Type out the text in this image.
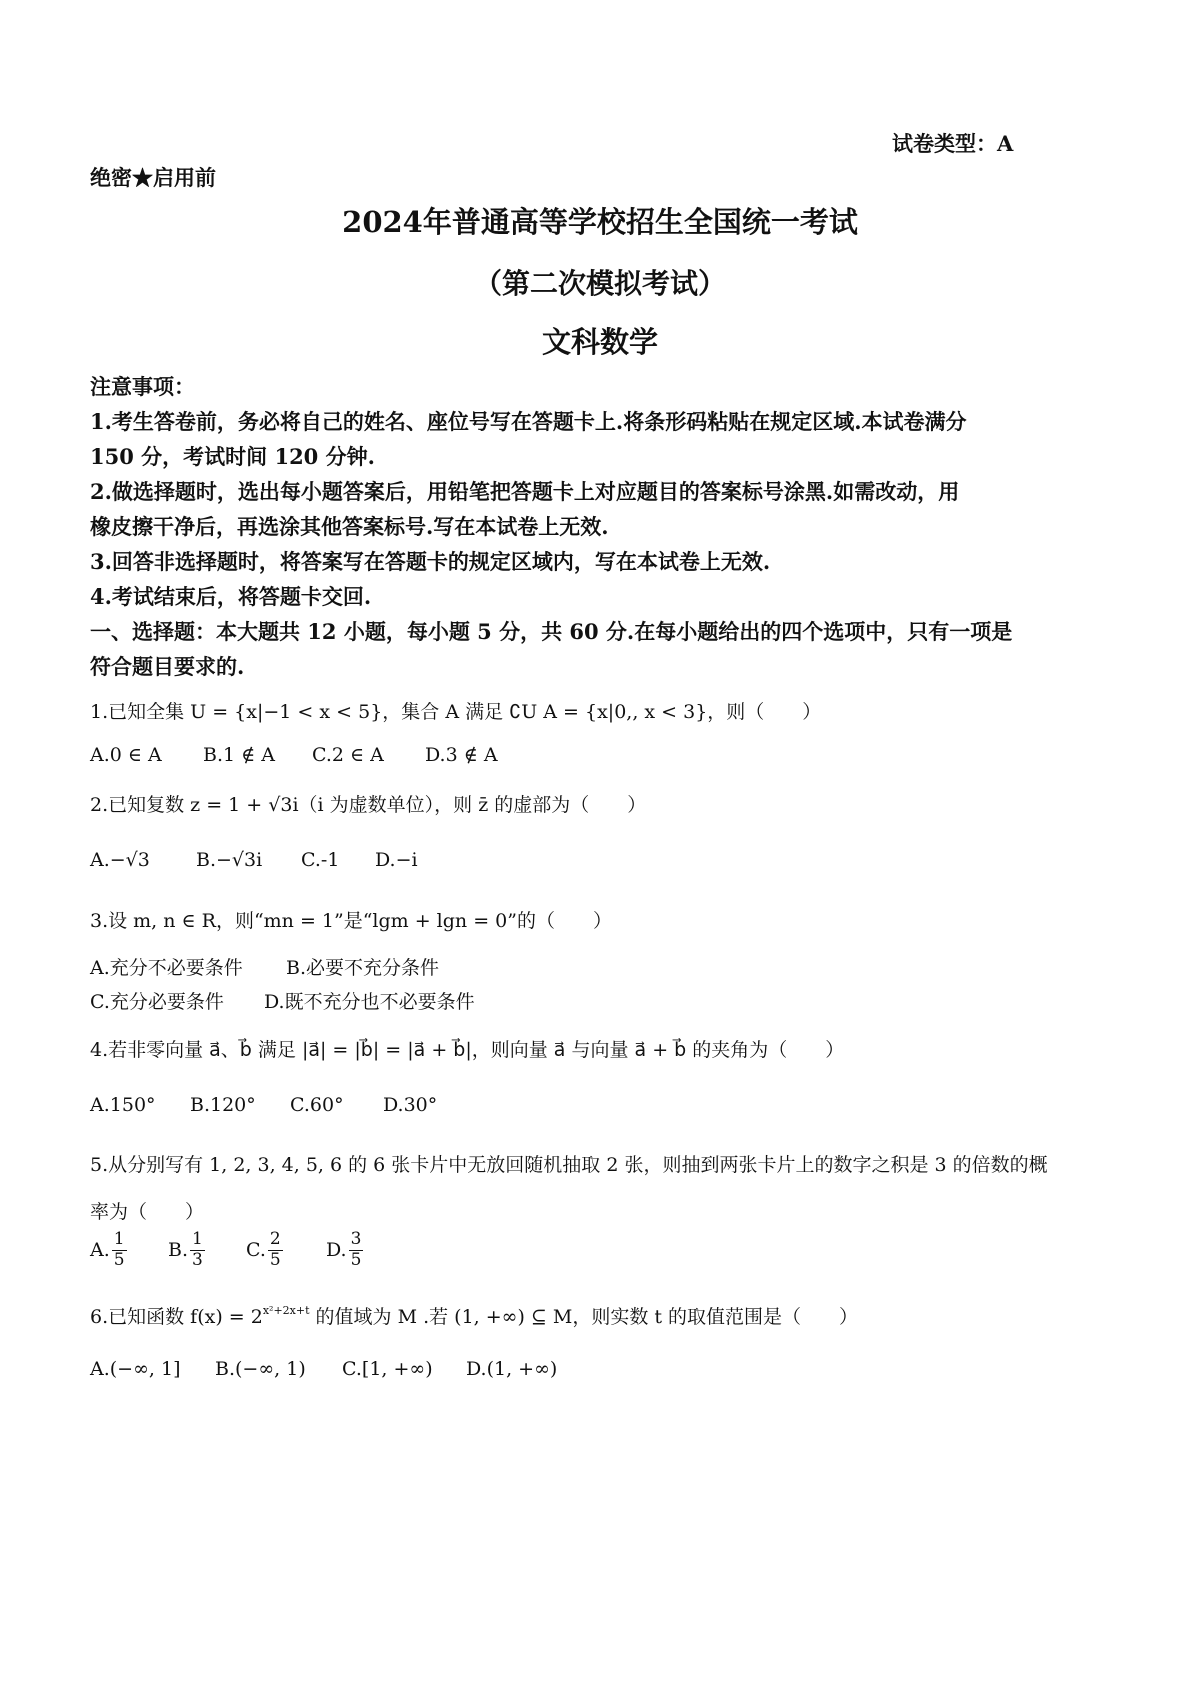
试卷类型：A
绝密★启用前
2024年普通高等学校招生全国统一考试
（第二次模拟考试）
文科数学
注意事项：
1.考生答卷前，务必将自己的姓名、座位号写在答题卡上.将条形码粘贴在规定区域.本试卷满分
150 分，考试时间 120 分钟.
2.做选择题时，选出每小题答案后，用铅笔把答题卡上对应题目的答案标号涂黑.如需改动，用
橡皮擦干净后，再选涂其他答案标号.写在本试卷上无效.
3.回答非选择题时，将答案写在答题卡的规定区域内，写在本试卷上无效.
4.考试结束后，将答题卡交回.
一、选择题：本大题共 12 小题，每小题 5 分，共 60 分.在每小题给出的四个选项中，只有一项是
符合题目要求的.
1.已知全集 U = {x|−1 < x < 5}，集合 A 满足 ∁U A = {x|0,, x < 3}，则（　　）
A.0 ∈ A B.1 ∉ A C.2 ∈ A D.3 ∉ A
2.已知复数 z = 1 + √3i（i 为虚数单位），则 z̄ 的虚部为（　　）
A.−√3 B.−√3i C.-1 D.−i
3.设 m, n ∈ R，则“mn = 1”是“lgm + lgn = 0”的（　　）
A.充分不必要条件 B.必要不充分条件
C.充分必要条件 D.既不充分也不必要条件
4.若非零向量 a⃗、b⃗ 满足 |a⃗| = |b⃗| = |a⃗ + b⃗|，则向量 a⃗ 与向量 a⃗ + b⃗ 的夹角为（　　）
A.150° B.120° C.60° D.30°
5.从分别写有 1, 2, 3, 4, 5, 6 的 6 张卡片中无放回随机抽取 2 张，则抽到两张卡片上的数字之积是 3 的倍数的概
率为（　　）
A. $\frac{1}{5} B$. $\frac{1}{3} C$. $\frac{2}{5} D$. $\frac{3}{5}$
6.已知函数 $f(x) = 2^{x^2+2x+t}$ 的值域为 M .若 (1, +∞) ⊆ M，则实数 t 的取值范围是（　　）
A.(−∞, 1] B.(−∞, 1) C.[1, +∞) D.(1, +∞)
